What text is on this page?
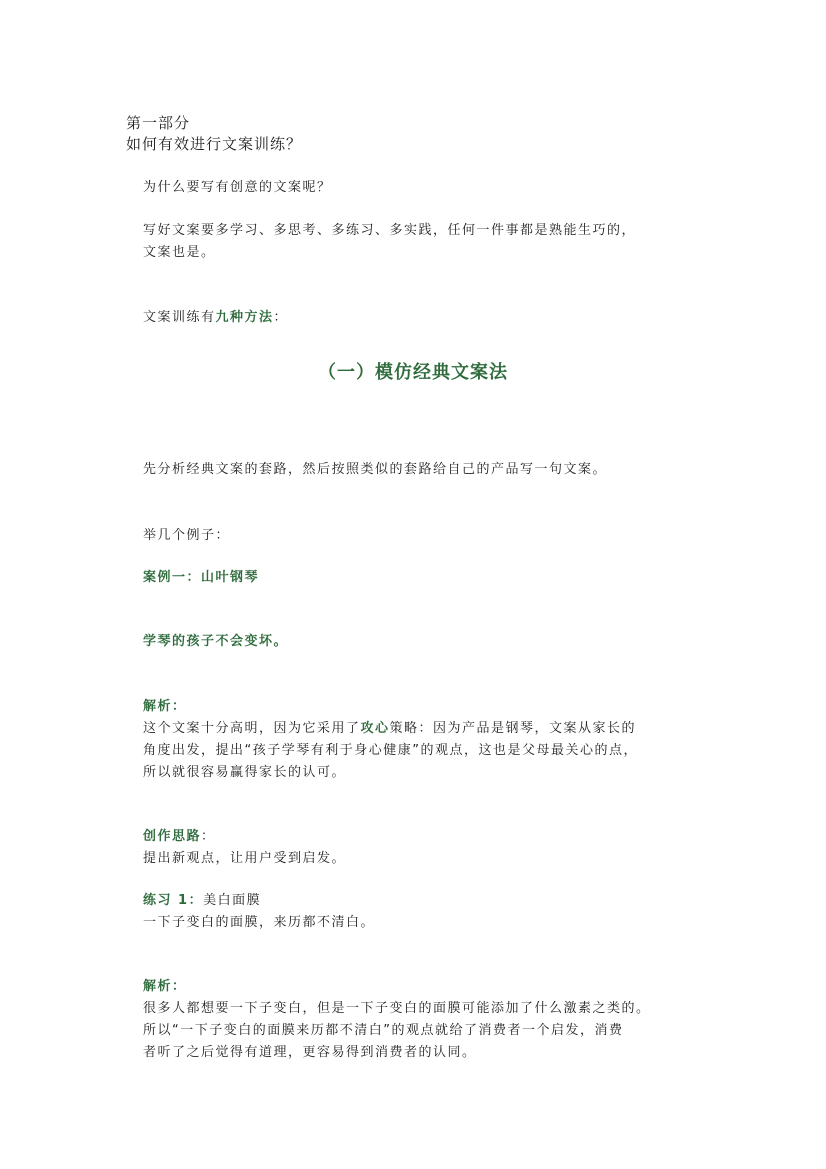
第一部分
如何有效进行文案训练？
为什么要写有创意的文案呢？
写好文案要多学习、多思考、多练习、多实践，任何一件事都是熟能生巧的，
文案也是。
文案训练有九种方法：
（一）模仿经典文案法
先分析经典文案的套路，然后按照类似的套路给自己的产品写一句文案。
举几个例子：
案例一：山叶钢琴
学琴的孩子不会变坏。
解析：
这个文案十分高明，因为它采用了攻心策略：因为产品是钢琴，文案从家长的
角度出发，提出“孩子学琴有利于身心健康”的观点，这也是父母最关心的点，
所以就很容易赢得家长的认可。
创作思路：
提出新观点，让用户受到启发。
练习 1：美白面膜
一下子变白的面膜，来历都不清白。
解析：
很多人都想要一下子变白，但是一下子变白的面膜可能添加了什么激素之类的。
所以“一下子变白的面膜来历都不清白”的观点就给了消费者一个启发，消费
者听了之后觉得有道理，更容易得到消费者的认同。
